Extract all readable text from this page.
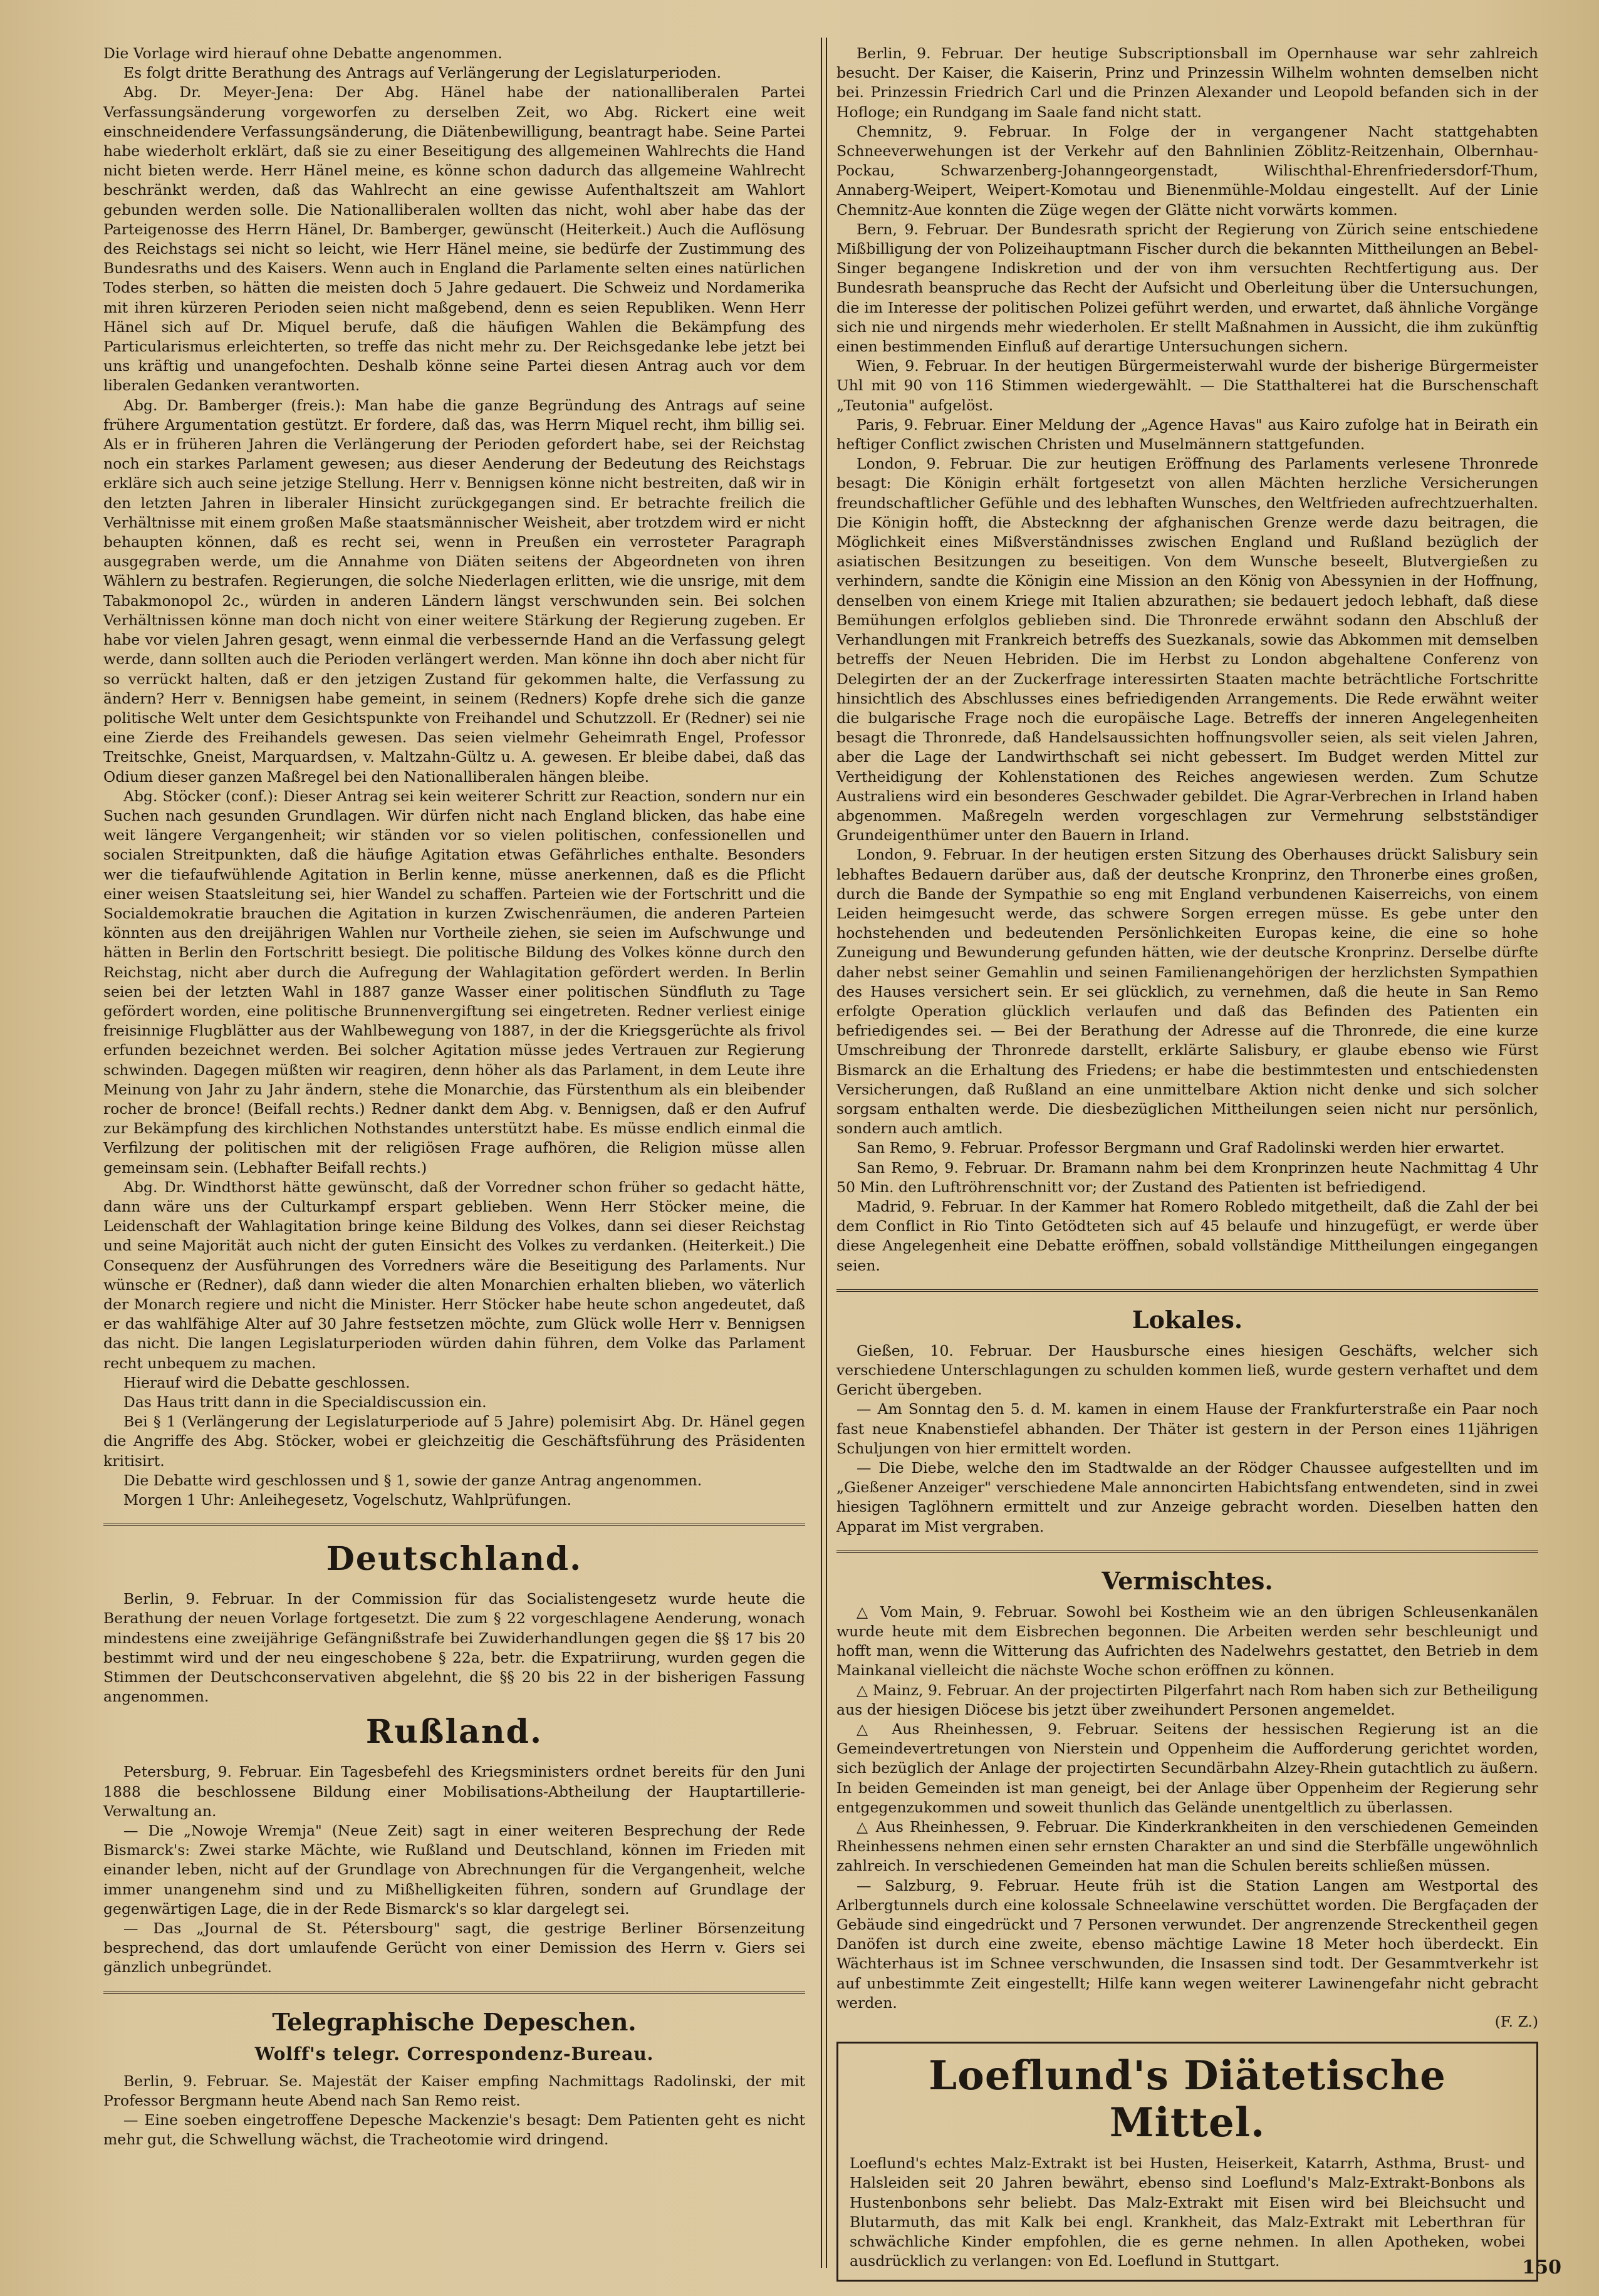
Die Vorlage wird hierauf ohne Debatte angenommen.

Es folgt dritte Berathung des Antrags auf Verlängerung der Legislaturperioden.

Abg. Dr. Meyer-Jena: Der Abg. Hänel habe der nationalliberalen Partei Verfassungsänderung vorgeworfen zu derselben Zeit, wo Abg. Rickert eine weit einschneidendere Verfassungsänderung, die Diätenbewilligung, beantragt habe. Seine Partei habe wiederholt erklärt, daß sie zu einer Beseitigung des allgemeinen Wahlrechts die Hand nicht bieten werde. Herr Hänel meine, es könne schon dadurch das allgemeine Wahlrecht beschränkt werden, daß das Wahlrecht an eine gewisse Aufenthaltszeit am Wahlort gebunden werden solle. Die Nationalliberalen wollten das nicht, wohl aber habe das der Parteigenosse des Herrn Hänel, Dr. Bamberger, gewünscht (Heiterkeit.) Auch die Auflösung des Reichstags sei nicht so leicht, wie Herr Hänel meine, sie bedürfe der Zustimmung des Bundesraths und des Kaisers. Wenn auch in England die Parlamente selten eines natürlichen Todes sterben, so hätten die meisten doch 5 Jahre gedauert. Die Schweiz und Nordamerika mit ihren kürzeren Perioden seien nicht maßgebend, denn es seien Republiken. Wenn Herr Hänel sich auf Dr. Miquel berufe, daß die häufigen Wahlen die Bekämpfung des Particularismus erleichterten, so treffe das nicht mehr zu. Der Reichsgedanke lebe jetzt bei uns kräftig und unangefochten. Deshalb könne seine Partei diesen Antrag auch vor dem liberalen Gedanken verantworten.

Abg. Dr. Bamberger (freis.): Man habe die ganze Begründung des Antrags auf seine frühere Argumentation gestützt. Er fordere, daß das, was Herrn Miquel recht, ihm billig sei. Als er in früheren Jahren die Verlängerung der Perioden gefordert habe, sei der Reichstag noch ein starkes Parlament gewesen; aus dieser Aenderung der Bedeutung des Reichstags erkläre sich auch seine jetzige Stellung. Herr v. Bennigsen könne nicht bestreiten, daß wir in den letzten Jahren in liberaler Hinsicht zurückgegangen sind. Er betrachte freilich die Verhältnisse mit einem großen Maße staatsmännischer Weisheit, aber trotzdem wird er nicht behaupten können, daß es recht sei, wenn in Preußen ein verrosteter Paragraph ausgegraben werde, um die Annahme von Diäten seitens der Abgeordneten von ihren Wählern zu bestrafen. Regierungen, die solche Niederlagen erlitten, wie die unsrige, mit dem Tabakmonopol 2c., würden in anderen Ländern längst verschwunden sein. Bei solchen Verhältnissen könne man doch nicht von einer weitere Stärkung der Regierung zugeben. Er habe vor vielen Jahren gesagt, wenn einmal die verbessernde Hand an die Verfassung gelegt werde, dann sollten auch die Perioden verlängert werden. Man könne ihn doch aber nicht für so verrückt halten, daß er den jetzigen Zustand für gekommen halte, die Verfassung zu ändern? Herr v. Bennigsen habe gemeint, in seinem (Redners) Kopfe drehe sich die ganze politische Welt unter dem Gesichtspunkte von Freihandel und Schutzzoll. Er (Redner) sei nie eine Zierde des Freihandels gewesen. Das seien vielmehr Geheimrath Engel, Professor Treitschke, Gneist, Marquardsen, v. Maltzahn-Gültz u. A. gewesen. Er bleibe dabei, daß das Odium dieser ganzen Maßregel bei den Nationalliberalen hängen bleibe.

Abg. Stöcker (conf.): Dieser Antrag sei kein weiterer Schritt zur Reaction, sondern nur ein Suchen nach gesunden Grundlagen. Wir dürfen nicht nach England blicken, das habe eine weit längere Vergangenheit; wir ständen vor so vielen politischen, confessionellen und socialen Streitpunkten, daß die häufige Agitation etwas Gefährliches enthalte. Besonders wer die tiefaufwühlende Agitation in Berlin kenne, müsse anerkennen, daß es die Pflicht einer weisen Staatsleitung sei, hier Wandel zu schaffen. Parteien wie der Fortschritt und die Socialdemokratie brauchen die Agitation in kurzen Zwischenräumen, die anderen Parteien könnten aus den dreijährigen Wahlen nur Vortheile ziehen, sie seien im Aufschwunge und hätten in Berlin den Fortschritt besiegt. Die politische Bildung des Volkes könne durch den Reichstag, nicht aber durch die Aufregung der Wahlagitation gefördert werden. In Berlin seien bei der letzten Wahl in 1887 ganze Wasser einer politischen Sündfluth zu Tage gefördert worden, eine politische Brunnenvergiftung sei eingetreten. Redner verliest einige freisinnige Flugblätter aus der Wahlbewegung von 1887, in der die Kriegsgerüchte als frivol erfunden bezeichnet werden. Bei solcher Agitation müsse jedes Vertrauen zur Regierung schwinden. Dagegen müßten wir reagiren, denn höher als das Parlament, in dem Leute ihre Meinung von Jahr zu Jahr ändern, stehe die Monarchie, das Fürstenthum als ein bleibender rocher de bronce! (Beifall rechts.) Redner dankt dem Abg. v. Bennigsen, daß er den Aufruf zur Bekämpfung des kirchlichen Nothstandes unterstützt habe. Es müsse endlich einmal die Verfilzung der politischen mit der religiösen Frage aufhören, die Religion müsse allen gemeinsam sein. (Lebhafter Beifall rechts.)

Abg. Dr. Windthorst hätte gewünscht, daß der Vorredner schon früher so gedacht hätte, dann wäre uns der Culturkampf erspart geblieben. Wenn Herr Stöcker meine, die Leidenschaft der Wahlagitation bringe keine Bildung des Volkes, dann sei dieser Reichstag und seine Majorität auch nicht der guten Einsicht des Volkes zu verdanken. (Heiterkeit.) Die Consequenz der Ausführungen des Vorredners wäre die Beseitigung des Parlaments. Nur wünsche er (Redner), daß dann wieder die alten Monarchien erhalten blieben, wo väterlich der Monarch regiere und nicht die Minister. Herr Stöcker habe heute schon angedeutet, daß er das wahlfähige Alter auf 30 Jahre festsetzen möchte, zum Glück wolle Herr v. Bennigsen das nicht. Die langen Legislaturperioden würden dahin führen, dem Volke das Parlament recht unbequem zu machen.

Hierauf wird die Debatte geschlossen.

Das Haus tritt dann in die Specialdiscussion ein.

Bei § 1 (Verlängerung der Legislaturperiode auf 5 Jahre) polemisirt Abg. Dr. Hänel gegen die Angriffe des Abg. Stöcker, wobei er gleichzeitig die Geschäftsführung des Präsidenten kritisirt.

Die Debatte wird geschlossen und § 1, sowie der ganze Antrag angenommen.

Morgen 1 Uhr: Anleihegesetz, Vogelschutz, Wahlprüfungen.

Deutschland.

Berlin, 9. Februar. In der Commission für das Socialistengesetz wurde heute die Berathung der neuen Vorlage fortgesetzt. Die zum § 22 vorgeschlagene Aenderung, wonach mindestens eine zweijährige Gefängnißstrafe bei Zuwiderhandlungen gegen die §§ 17 bis 20 bestimmt wird und der neu eingeschobene § 22a, betr. die Expatriirung, wurden gegen die Stimmen der Deutschconservativen abgelehnt, die §§ 20 bis 22 in der bisherigen Fassung angenommen.

Rußland.

Petersburg, 9. Februar. Ein Tagesbefehl des Kriegsministers ordnet bereits für den Juni 1888 die beschlossene Bildung einer Mobilisations-Abtheilung der Hauptartillerie-Verwaltung an.

— Die „Nowoje Wremja" (Neue Zeit) sagt in einer weiteren Besprechung der Rede Bismarck's: Zwei starke Mächte, wie Rußland und Deutschland, können im Frieden mit einander leben, nicht auf der Grundlage von Abrechnungen für die Vergangenheit, welche immer unangenehm sind und zu Mißhelligkeiten führen, sondern auf Grundlage der gegenwärtigen Lage, die in der Rede Bismarck's so klar dargelegt sei.

— Das „Journal de St. Pétersbourg" sagt, die gestrige Berliner Börsenzeitung besprechend, das dort umlaufende Gerücht von einer Demission des Herrn v. Giers sei gänzlich unbegründet.

Telegraphische Depeschen.
Wolff's telegr. Correspondenz-Bureau.

Berlin, 9. Februar. Se. Majestät der Kaiser empfing Nachmittags Radolinski, der mit Professor Bergmann heute Abend nach San Remo reist.

— Eine soeben eingetroffene Depesche Mackenzie's besagt: Dem Patienten geht es nicht mehr gut, die Schwellung wächst, die Tracheotomie wird dringend.

Berlin, 9. Februar. Der heutige Subscriptionsball im Opernhause war sehr zahlreich besucht. Der Kaiser, die Kaiserin, Prinz und Prinzessin Wilhelm wohnten demselben nicht bei. Prinzessin Friedrich Carl und die Prinzen Alexander und Leopold befanden sich in der Hofloge; ein Rundgang im Saale fand nicht statt.

Chemnitz, 9. Februar. In Folge der in vergangener Nacht stattgehabten Schneeverwehungen ist der Verkehr auf den Bahnlinien Zöblitz-Reitzenhain, Olbernhau-Pockau, Schwarzenberg-Johanngeorgenstadt, Wilischthal-Ehrenfriedersdorf-Thum, Annaberg-Weipert, Weipert-Komotau und Bienenmühle-Moldau eingestellt. Auf der Linie Chemnitz-Aue konnten die Züge wegen der Glätte nicht vorwärts kommen.

Bern, 9. Februar. Der Bundesrath spricht der Regierung von Zürich seine entschiedene Mißbilligung der von Polizeihauptmann Fischer durch die bekannten Mittheilungen an Bebel-Singer begangene Indiskretion und der von ihm versuchten Rechtfertigung aus. Der Bundesrath beanspruche das Recht der Aufsicht und Oberleitung über die Untersuchungen, die im Interesse der politischen Polizei geführt werden, und erwartet, daß ähnliche Vorgänge sich nie und nirgends mehr wiederholen. Er stellt Maßnahmen in Aussicht, die ihm zukünftig einen bestimmenden Einfluß auf derartige Untersuchungen sichern.

Wien, 9. Februar. In der heutigen Bürgermeisterwahl wurde der bisherige Bürgermeister Uhl mit 90 von 116 Stimmen wiedergewählt. — Die Statthalterei hat die Burschenschaft „Teutonia" aufgelöst.

Paris, 9. Februar. Einer Meldung der „Agence Havas" aus Kairo zufolge hat in Beirath ein heftiger Conflict zwischen Christen und Muselmännern stattgefunden.

London, 9. Februar. Die zur heutigen Eröffnung des Parlaments verlesene Thronrede besagt: Die Königin erhält fortgesetzt von allen Mächten herzliche Versicherungen freundschaftlicher Gefühle und des lebhaften Wunsches, den Weltfrieden aufrechtzuerhalten. Die Königin hofft, die Abstecknng der afghanischen Grenze werde dazu beitragen, die Möglichkeit eines Mißverständnisses zwischen England und Rußland bezüglich der asiatischen Besitzungen zu beseitigen. Von dem Wunsche beseelt, Blutvergießen zu verhindern, sandte die Königin eine Mission an den König von Abessynien in der Hoffnung, denselben von einem Kriege mit Italien abzurathen; sie bedauert jedoch lebhaft, daß diese Bemühungen erfolglos geblieben sind. Die Thronrede erwähnt sodann den Abschluß der Verhandlungen mit Frankreich betreffs des Suezkanals, sowie das Abkommen mit demselben betreffs der Neuen Hebriden. Die im Herbst zu London abgehaltene Conferenz von Delegirten der an der Zuckerfrage interessirten Staaten machte beträchtliche Fortschritte hinsichtlich des Abschlusses eines befriedigenden Arrangements. Die Rede erwähnt weiter die bulgarische Frage noch die europäische Lage. Betreffs der inneren Angelegenheiten besagt die Thronrede, daß Handelsaussichten hoffnungsvoller seien, als seit vielen Jahren, aber die Lage der Landwirthschaft sei nicht gebessert. Im Budget werden Mittel zur Vertheidigung der Kohlenstationen des Reiches angewiesen werden. Zum Schutze Australiens wird ein besonderes Geschwader gebildet. Die Agrar-Verbrechen in Irland haben abgenommen. Maßregeln werden vorgeschlagen zur Vermehrung selbstständiger Grundeigenthümer unter den Bauern in Irland.

London, 9. Februar. In der heutigen ersten Sitzung des Oberhauses drückt Salisbury sein lebhaftes Bedauern darüber aus, daß der deutsche Kronprinz, den Thronerbe eines großen, durch die Bande der Sympathie so eng mit England verbundenen Kaiserreichs, von einem Leiden heimgesucht werde, das schwere Sorgen erregen müsse. Es gebe unter den hochstehenden und bedeutenden Persönlichkeiten Europas keine, die eine so hohe Zuneigung und Bewunderung gefunden hätten, wie der deutsche Kronprinz. Derselbe dürfte daher nebst seiner Gemahlin und seinen Familienangehörigen der herzlichsten Sympathien des Hauses versichert sein. Er sei glücklich, zu vernehmen, daß die heute in San Remo erfolgte Operation glücklich verlaufen und daß das Befinden des Patienten ein befriedigendes sei. — Bei der Berathung der Adresse auf die Thronrede, die eine kurze Umschreibung der Thronrede darstellt, erklärte Salisbury, er glaube ebenso wie Fürst Bismarck an die Erhaltung des Friedens; er habe die bestimmtesten und entschiedensten Versicherungen, daß Rußland an eine unmittelbare Aktion nicht denke und sich solcher sorgsam enthalten werde. Die diesbezüglichen Mittheilungen seien nicht nur persönlich, sondern auch amtlich.

San Remo, 9. Februar. Professor Bergmann und Graf Radolinski werden hier erwartet.

San Remo, 9. Februar. Dr. Bramann nahm bei dem Kronprinzen heute Nachmittag 4 Uhr 50 Min. den Luftröhrenschnitt vor; der Zustand des Patienten ist befriedigend.

Madrid, 9. Februar. In der Kammer hat Romero Robledo mitgetheilt, daß die Zahl der bei dem Conflict in Rio Tinto Getödteten sich auf 45 belaufe und hinzugefügt, er werde über diese Angelegenheit eine Debatte eröffnen, sobald vollständige Mittheilungen eingegangen seien.

Lokales.

Gießen, 10. Februar. Der Hausbursche eines hiesigen Geschäfts, welcher sich verschiedene Unterschlagungen zu schulden kommen ließ, wurde gestern verhaftet und dem Gericht übergeben.

— Am Sonntag den 5. d. M. kamen in einem Hause der Frankfurterstraße ein Paar noch fast neue Knabenstiefel abhanden. Der Thäter ist gestern in der Person eines 11jährigen Schuljungen von hier ermittelt worden.

— Die Diebe, welche den im Stadtwalde an der Rödger Chaussee aufgestellten und im „Gießener Anzeiger" verschiedene Male annoncirten Habichtsfang entwendeten, sind in zwei hiesigen Taglöhnern ermittelt und zur Anzeige gebracht worden. Dieselben hatten den Apparat im Mist vergraben.

Vermischtes.

△ Vom Main, 9. Februar. Sowohl bei Kostheim wie an den übrigen Schleusenkanälen wurde heute mit dem Eisbrechen begonnen. Die Arbeiten werden sehr beschleunigt und hofft man, wenn die Witterung das Aufrichten des Nadelwehrs gestattet, den Betrieb in dem Mainkanal vielleicht die nächste Woche schon eröffnen zu können.

△ Mainz, 9. Februar. An der projectirten Pilgerfahrt nach Rom haben sich zur Betheiligung aus der hiesigen Diöcese bis jetzt über zweihundert Personen angemeldet.

△ Aus Rheinhessen, 9. Februar. Seitens der hessischen Regierung ist an die Gemeindevertretungen von Nierstein und Oppenheim die Aufforderung gerichtet worden, sich bezüglich der Anlage der projectirten Secundärbahn Alzey-Rhein gutachtlich zu äußern. In beiden Gemeinden ist man geneigt, bei der Anlage über Oppenheim der Regierung sehr entgegenzukommen und soweit thunlich das Gelände unentgeltlich zu überlassen.

△ Aus Rheinhessen, 9. Februar. Die Kinderkrankheiten in den verschiedenen Gemeinden Rheinhessens nehmen einen sehr ernsten Charakter an und sind die Sterbfälle ungewöhnlich zahlreich. In verschiedenen Gemeinden hat man die Schulen bereits schließen müssen.

— Salzburg, 9. Februar. Heute früh ist die Station Langen am Westportal des Arlbergtunnels durch eine kolossale Schneelawine verschüttet worden. Die Bergfaçaden der Gebäude sind eingedrückt und 7 Personen verwundet. Der angrenzende Streckentheil gegen Danöfen ist durch eine zweite, ebenso mächtige Lawine 18 Meter hoch überdeckt. Ein Wächterhaus ist im Schnee verschwunden, die Insassen sind todt. Der Gesammtverkehr ist auf unbestimmte Zeit eingestellt; Hilfe kann wegen weiterer Lawinengefahr nicht gebracht werden.

(F. Z.)
Loeflund's Diätetische Mittel.

Loeflund's echtes Malz-Extrakt ist bei Husten, Heiserkeit, Katarrh, Asthma, Brust- und Halsleiden seit 20 Jahren bewährt, ebenso sind Loeflund's Malz-Extrakt-Bonbons als Hustenbonbons sehr beliebt. Das Malz-Extrakt mit Eisen wird bei Bleichsucht und Blutarmuth, das mit Kalk bei engl. Krankheit, das Malz-Extrakt mit Leberthran für schwächliche Kinder empfohlen, die es gerne nehmen. In allen Apotheken, wobei ausdrücklich zu verlangen: von Ed. Loeflund in Stuttgart.	150
